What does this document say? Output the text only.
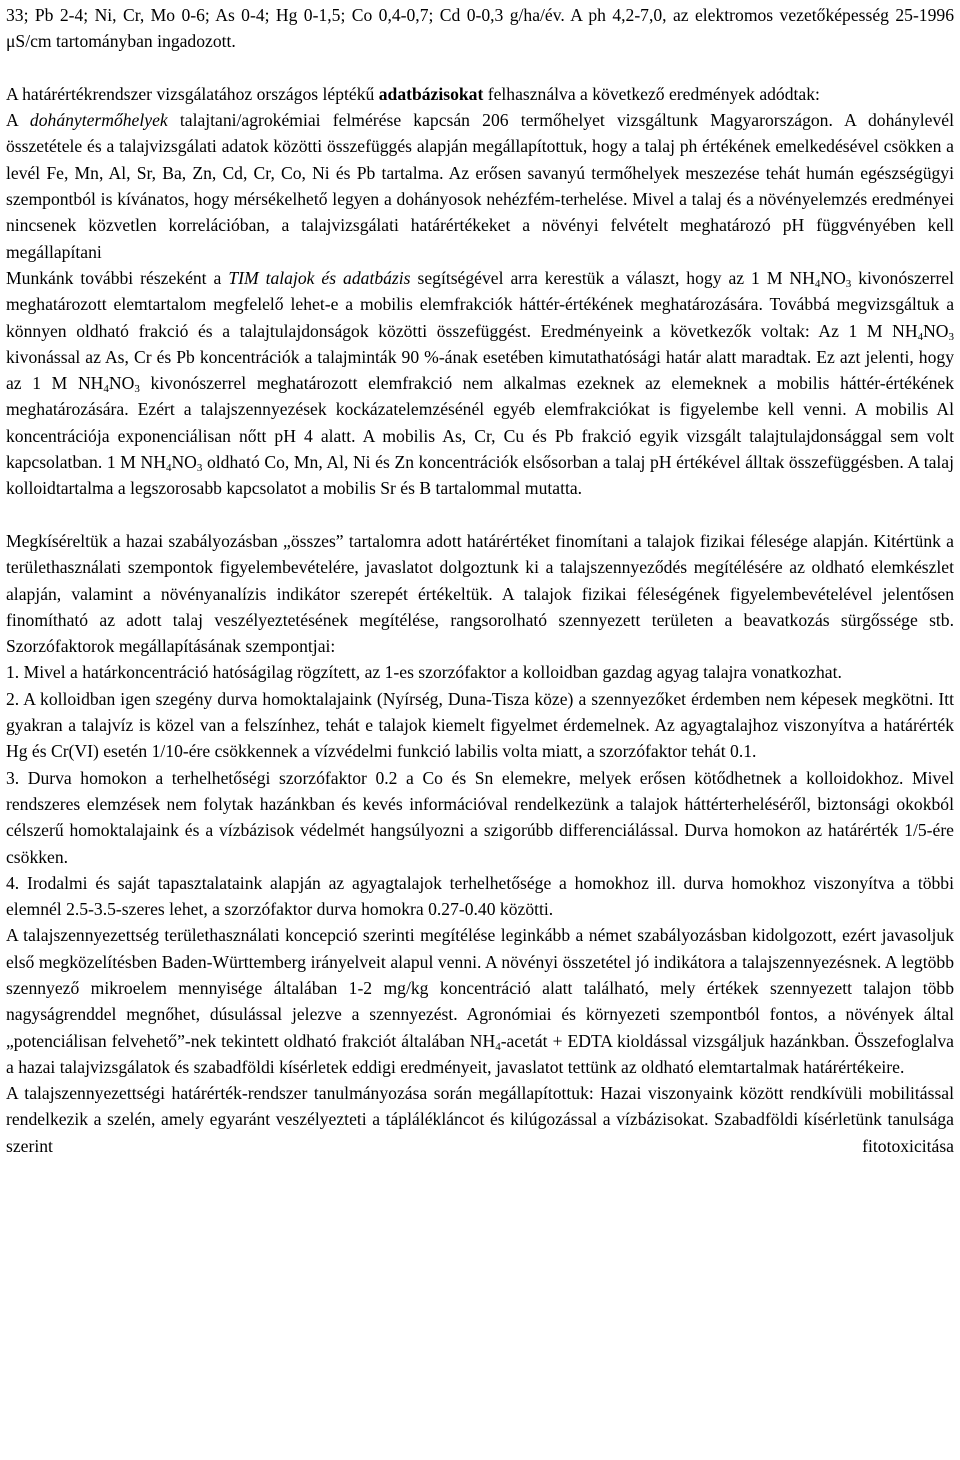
33; Pb 2-4; Ni, Cr, Mo 0-6; As 0-4; Hg 0-1,5; Co 0,4-0,7; Cd 0-0,3 g/ha/év. A ph 4,2-7,0, az elektromos vezetőképesség 25-1996 μS/cm tartományban ingadozott.

A határértékrendszer vizsgálatához országos léptékű adatbázisokat felhasználva a következő eredmények adódtak:

A dohánytermőhelyek talajtani/agrokémiai felmérése kapcsán 206 termőhelyet vizsgáltunk Magyarországon. A dohánylevél összetétele és a talajvizsgálati adatok közötti összefüggés alapján megállapítottuk, hogy a talaj ph értékének emelkedésével csökken a levél Fe, Mn, Al, Sr, Ba, Zn, Cd, Cr, Co, Ni és Pb tartalma. Az erősen savanyú termőhelyek meszezése tehát humán egészségügyi szempontból is kívánatos, hogy mérsékelhető legyen a dohányosok nehézfém-terhelése. Mivel a talaj és a növényelemzés eredményei nincsenek közvetlen korrelációban, a talajvizsgálati határértékeket a növényi felvételt meghatározó pH függvényében kell megállapítani

Munkánk további részeként a TIM talajok és adatbázis segítségével arra kerestük a választ, hogy az 1 M $NH_4NO_3$ kivonószerrel meghatározott elemtartalom megfelelő lehet-e a mobilis elemfrakciók háttér-értékének meghatározására. Továbbá megvizsgáltuk a könnyen oldható frakció és a talajtulajdonságok közötti összefüggést. Eredményeink a következők voltak: Az 1 M $NH_4NO_3$ kivonással az As, Cr és Pb koncentrációk a talajminták 90 %-ának esetében kimutathatósági határ alatt maradtak. Ez azt jelenti, hogy az 1 M $NH_4NO_3$ kivonószerrel meghatározott elemfrakció nem alkalmas ezeknek az elemeknek a mobilis háttér-értékének meghatározására. Ezért a talajszennyezések kockázatelemzésénél egyéb elemfrakciókat is figyelembe kell venni. A mobilis Al koncentrációja exponenciálisan nőtt pH 4 alatt. A mobilis As, Cr, Cu és Pb frakció egyik vizsgált talajtulajdonsággal sem volt kapcsolatban. 1 M $NH_4NO_3$ oldható Co, Mn, Al, Ni és Zn koncentrációk elsősorban a talaj pH értékével álltak összefüggésben. A talaj kolloidtartalma a legszorosabb kapcsolatot a mobilis Sr és B tartalommal mutatta.

Megkíséreltük a hazai szabályozásban „összes” tartalomra adott határértéket finomítani a talajok fizikai félesége alapján. Kitértünk a területhasználati szempontok figyelembevételére, javaslatot dolgoztunk ki a talajszennyeződés megítélésére az oldható elemkészlet alapján, valamint a növényanalízis indikátor szerepét értékeltük. A talajok fizikai féleségének figyelembevételével jelentősen finomítható az adott talaj veszélyeztetésének megítélése, rangsorolható szennyezett területen a beavatkozás sürgőssége stb. Szorzófaktorok megállapításának szempontjai:

1. Mivel a határkoncentráció hatóságilag rögzített, az 1-es szorzófaktor a kolloidban gazdag agyag talajra vonatkozhat.

2. A kolloidban igen szegény durva homoktalajaink (Nyírség, Duna-Tisza köze) a szennyezőket érdemben nem képesek megkötni. Itt gyakran a talajvíz is közel van a felszínhez, tehát e talajok kiemelt figyelmet érdemelnek. Az agyagtalajhoz viszonyítva a határérték Hg és Cr(VI) esetén 1/10-ére csökkennek a vízvédelmi funkció labilis volta miatt, a szorzófaktor tehát 0.1.

3. Durva homokon a terhelhetőségi szorzófaktor 0.2 a Co és Sn elemekre, melyek erősen kötődhetnek a kolloidokhoz. Mivel rendszeres elemzések nem folytak hazánkban és kevés információval rendelkezünk a talajok háttérterheléséről, biztonsági okokból célszerű homoktalajaink és a vízbázisok védelmét hangsúlyozni a szigorúbb differenciálással. Durva homokon az határérték 1/5-ére csökken.

4. Irodalmi és saját tapasztalataink alapján az agyagtalajok terhelhetősége a homokhoz ill. durva homokhoz viszonyítva a többi elemnél 2.5-3.5-szeres lehet, a szorzófaktor durva homokra 0.27-0.40 közötti.

A talajszennyezettség területhasználati koncepció szerinti megítélése leginkább a német szabályozásban kidolgozott, ezért javasoljuk első megközelítésben Baden-Württemberg irányelveit alapul venni. A növényi összetétel jó indikátora a talajszennyezésnek. A legtöbb szennyező mikroelem mennyisége általában 1-2 mg/kg koncentráció alatt található, mely értékek szennyezett talajon több nagyságrenddel megnőhet, dúsulással jelezve a szennyezést. Agronómiai és környezeti szempontból fontos, a növények által „potenciálisan felvehető”-nek tekintett oldható frakciót általában $NH_4$-acetát + EDTA kioldással vizsgáljuk hazánkban. Összefoglalva a hazai talajvizsgálatok és szabadföldi kísérletek eddigi eredményeit, javaslatot tettünk az oldható elemtartalmak határértékeire.

A talajszennyezettségi határérték-rendszer tanulmányozása során megállapítottuk: Hazai viszonyaink között rendkívüli mobilitással rendelkezik a szelén, amely egyaránt veszélyezteti a táplálékláncot és kilúgozással a vízbázisokat. Szabadföldi kísérletünk tanulsága szerint fitotoxicitása
